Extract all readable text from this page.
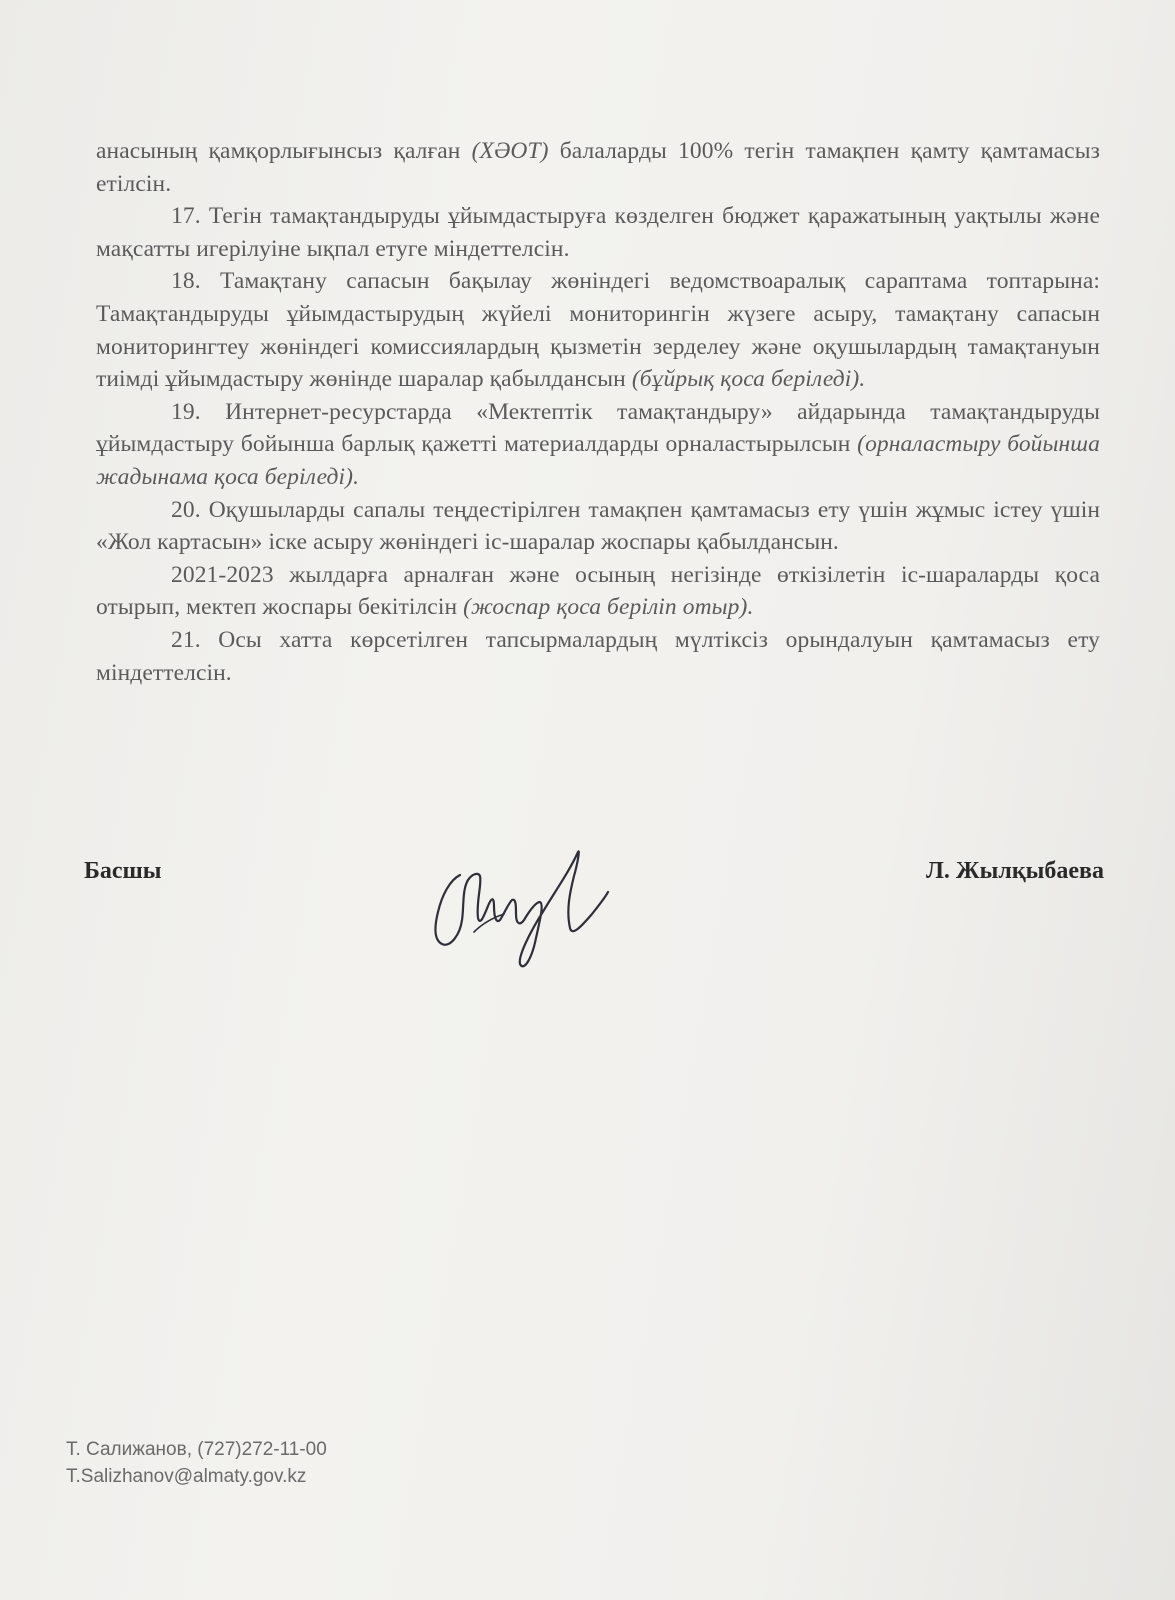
анасының қамқорлығынсыз қалған (ХӘОТ) балаларды 100% тегін тамақпен қамту қамтамасыз етілсін.

17. Тегін тамақтандыруды ұйымдастыруға көзделген бюджет қаражатының уақтылы және мақсатты игерілуіне ықпал етуге міндеттелсін.

18. Тамақтану сапасын бақылау жөніндегі ведомствоаралық сараптама топтарына: Тамақтандыруды ұйымдастырудың жүйелі мониторингін жүзеге асыру, тамақтану сапасын мониторингтеу жөніндегі комиссиялардың қызметін зерделеу және оқушылардың тамақтануын тиімді ұйымдастыру жөнінде шаралар қабылдансын (бұйрық қоса беріледі).

19. Интернет-ресурстарда «Мектептік тамақтандыру» айдарында тамақтандыруды ұйымдастыру бойынша барлық қажетті материалдарды орналастырылсын (орналастыру бойынша жадынама қоса беріледі).

20. Оқушыларды сапалы теңдестірілген тамақпен қамтамасыз ету үшін жұмыс істеу үшін «Жол картасын» іске асыру жөніндегі іс-шаралар жоспары қабылдансын.

2021-2023 жылдарға арналған және осының негізінде өткізілетін іс-шараларды қоса отырып, мектеп жоспары бекітілсін (жоспар қоса берілiп отыр).

21. Осы хатта көрсетілген тапсырмалардың мүлтіксіз орындалуын қамтамасыз ету міндеттелсін.

Басшы	Л. Жылқыбаева
Т. Салижанов, (727)272-11-00
T.Salizhanov@almaty.gov.kz
